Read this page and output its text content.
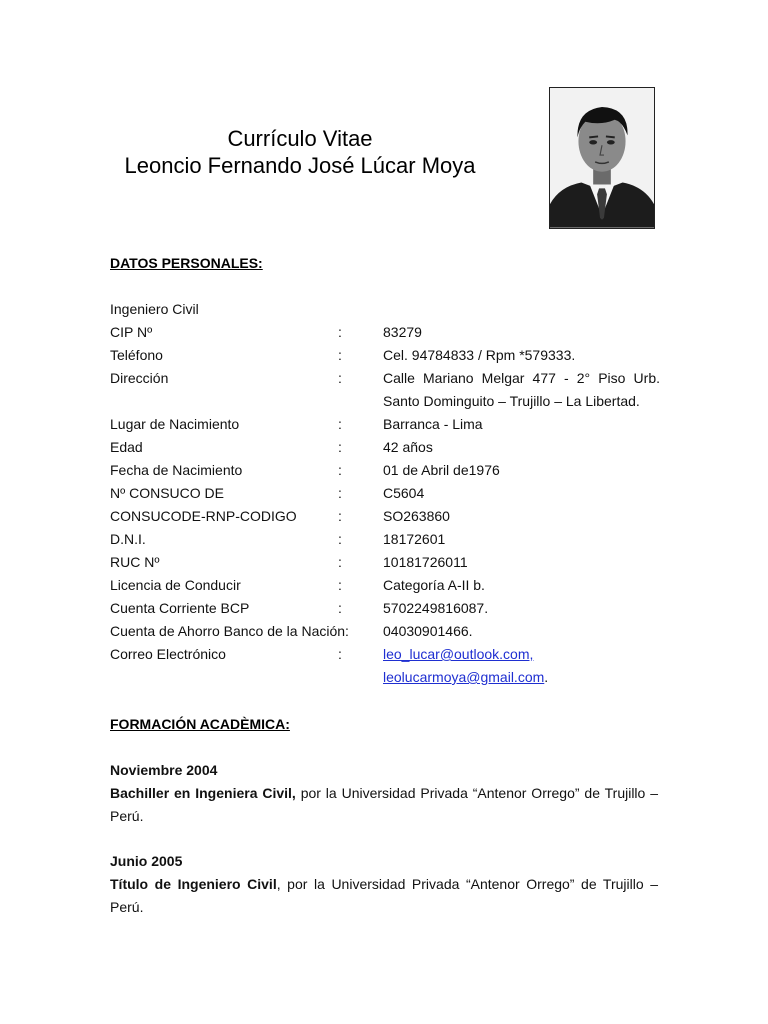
Currículo Vitae
Leoncio Fernando José Lúcar Moya
DATOS PERSONALES:
Ingeniero Civil
CIP Nº	:	83279
Teléfono	:	Cel. 94784833 / Rpm *579333.
Dirección	:	Calle Mariano Melgar 477 - 2° Piso Urb.
Santo Dominguito – Trujillo – La Libertad.
Lugar de Nacimiento	:	Barranca - Lima
Edad	:	42 años
Fecha de Nacimiento	:	01 de Abril de1976
Nº CONSUCO DE	:	C5604
CONSUCODE-RNP-CODIGO	:	SO263860
D.N.I.	:	18172601
RUC Nº	:	10181726011
Licencia de Conducir	:	Categoría A-II b.
Cuenta Corriente BCP	:	5702249816087.
Cuenta de Ahorro Banco de la Nación: 04030901466.
Correo Electrónico	:	leo_lucar@outlook.com,
leolucarmoya@gmail.com.
FORMACIÓN ACADÈMICA:
Noviembre 2004
Bachiller en Ingeniera Civil, por la Universidad Privada “Antenor Orrego” de Trujillo – Perú.
Junio 2005
Título de Ingeniero Civil, por la Universidad Privada “Antenor Orrego” de Trujillo – Perú.
